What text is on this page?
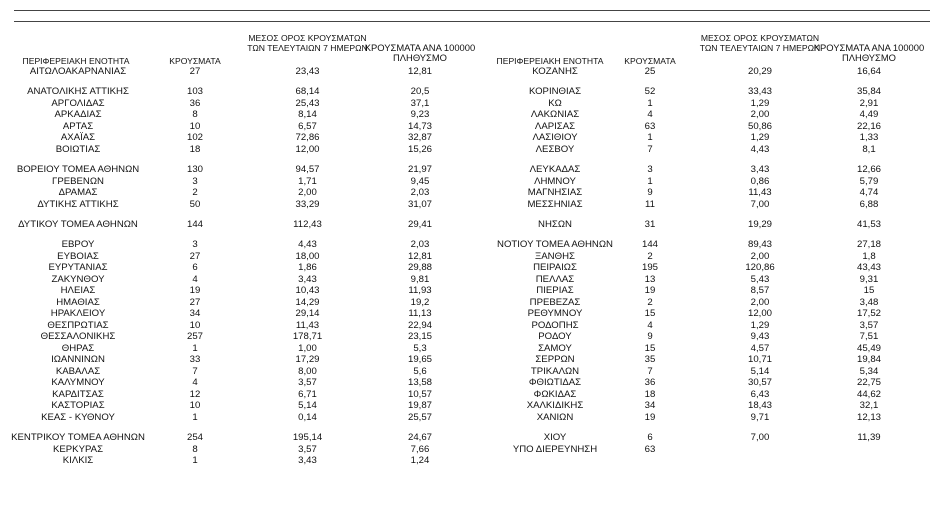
ΠΕΡΙΦΕΡΕΙΑΚΗ ΕΝΟΤΗΤΑ	ΚΡΟΥΣΜΑΤΑ
ΜΕΣΟΣ ΟΡΟΣ ΚΡΟΥΣΜΑΤΩΝ ΤΩΝ ΤΕΛΕΥΤΑΙΩΝ 7 ΗΜΕΡΩΝ
ΚΡΟΥΣΜΑΤΑ ΑΝΑ 100000 ΠΛΗΘΥΣΜΟ
ΑΙΤΩΛΟΑΚΑΡΝΑΝΙΑΣ	27	23,43	12,81
ΑΝΑΤΟΛΙΚΗΣ ΑΤΤΙΚΗΣ	103	68,14	20,5
ΑΡΓΟΛΙΔΑΣ	36	25,43	37,1
ΑΡΚΑΔΙΑΣ	8	8,14	9,23
ΑΡΤΑΣ	10	6,57	14,73
ΑΧΑΪΑΣ	102	72,86	32,87
ΒΟΙΩΤΙΑΣ	18	12,00	15,26
ΒΟΡΕΙΟΥ ΤΟΜΕΑ ΑΘΗΝΩΝ	130	94,57	21,97
ΓΡΕΒΕΝΩΝ	3	1,71	9,45
ΔΡΑΜΑΣ	2	2,00	2,03
ΔΥΤΙΚΗΣ ΑΤΤΙΚΗΣ	50	33,29	31,07
ΔΥΤΙΚΟΥ ΤΟΜΕΑ ΑΘΗΝΩΝ	144	112,43	29,41
ΕΒΡΟΥ	3	4,43	2,03
ΕΥΒΟΙΑΣ	27	18,00	12,81
ΕΥΡΥΤΑΝΙΑΣ	6	1,86	29,88
ΖΑΚΥΝΘΟΥ	4	3,43	9,81
ΗΛΕΙΑΣ	19	10,43	11,93
ΗΜΑΘΙΑΣ	27	14,29	19,2
ΗΡΑΚΛΕΙΟΥ	34	29,14	11,13
ΘΕΣΠΡΩΤΙΑΣ	10	11,43	22,94
ΘΕΣΣΑΛΟΝΙΚΗΣ	257	178,71	23,15
ΘΗΡΑΣ	1	1,00	5,3
ΙΩΑΝΝΙΝΩΝ	33	17,29	19,65
ΚΑΒΑΛΑΣ	7	8,00	5,6
ΚΑΛΥΜΝΟΥ	4	3,57	13,58
ΚΑΡΔΙΤΣΑΣ	12	6,71	10,57
ΚΑΣΤΟΡΙΑΣ	10	5,14	19,87
ΚΕΑΣ - ΚΥΘΝΟΥ	1	0,14	25,57
ΚΕΝΤΡΙΚΟΥ ΤΟΜΕΑ ΑΘΗΝΩΝ	254	195,14	24,67
ΚΕΡΚΥΡΑΣ	8	3,57	7,66
ΚΙΛΚΙΣ	1	3,43	1,24
ΠΕΡΙΦΕΡΕΙΑΚΗ ΕΝΟΤΗΤΑ	ΚΡΟΥΣΜΑΤΑ
ΜΕΣΟΣ ΟΡΟΣ ΚΡΟΥΣΜΑΤΩΝ ΤΩΝ ΤΕΛΕΥΤΑΙΩΝ 7 ΗΜΕΡΩΝ
ΚΡΟΥΣΜΑΤΑ ΑΝΑ 100000 ΠΛΗΘΥΣΜΟ
ΚΟΖΑΝΗΣ	25	20,29	16,64
ΚΟΡΙΝΘΙΑΣ	52	33,43	35,84
ΚΩ	1	1,29	2,91
ΛΑΚΩΝΙΑΣ	4	2,00	4,49
ΛΑΡΙΣΑΣ	63	50,86	22,16
ΛΑΣΙΘΙΟΥ	1	1,29	1,33
ΛΕΣΒΟΥ	7	4,43	8,1
ΛΕΥΚΑΔΑΣ	3	3,43	12,66
ΛΗΜΝΟΥ	1	0,86	5,79
ΜΑΓΝΗΣΙΑΣ	9	11,43	4,74
ΜΕΣΣΗΝΙΑΣ	11	7,00	6,88
ΝΗΣΩΝ	31	19,29	41,53
ΝΟΤΙΟΥ ΤΟΜΕΑ ΑΘΗΝΩΝ	144	89,43	27,18
ΞΑΝΘΗΣ	2	2,00	1,8
ΠΕΙΡΑΙΩΣ	195	120,86	43,43
ΠΕΛΛΑΣ	13	5,43	9,31
ΠΙΕΡΙΑΣ	19	8,57	15
ΠΡΕΒΕΖΑΣ	2	2,00	3,48
ΡΕΘΥΜΝΟΥ	15	12,00	17,52
ΡΟΔΟΠΗΣ	4	1,29	3,57
ΡΟΔΟΥ	9	9,43	7,51
ΣΑΜΟΥ	15	4,57	45,49
ΣΕΡΡΩΝ	35	10,71	19,84
ΤΡΙΚΑΛΩΝ	7	5,14	5,34
ΦΘΙΩΤΙΔΑΣ	36	30,57	22,75
ΦΩΚΙΔΑΣ	18	6,43	44,62
ΧΑΛΚΙΔΙΚΗΣ	34	18,43	32,1
ΧΑΝΙΩΝ	19	9,71	12,13
ΧΙΟΥ	6	7,00	11,39
ΥΠΟ ΔΙΕΡΕΥΝΗΣΗ	63
